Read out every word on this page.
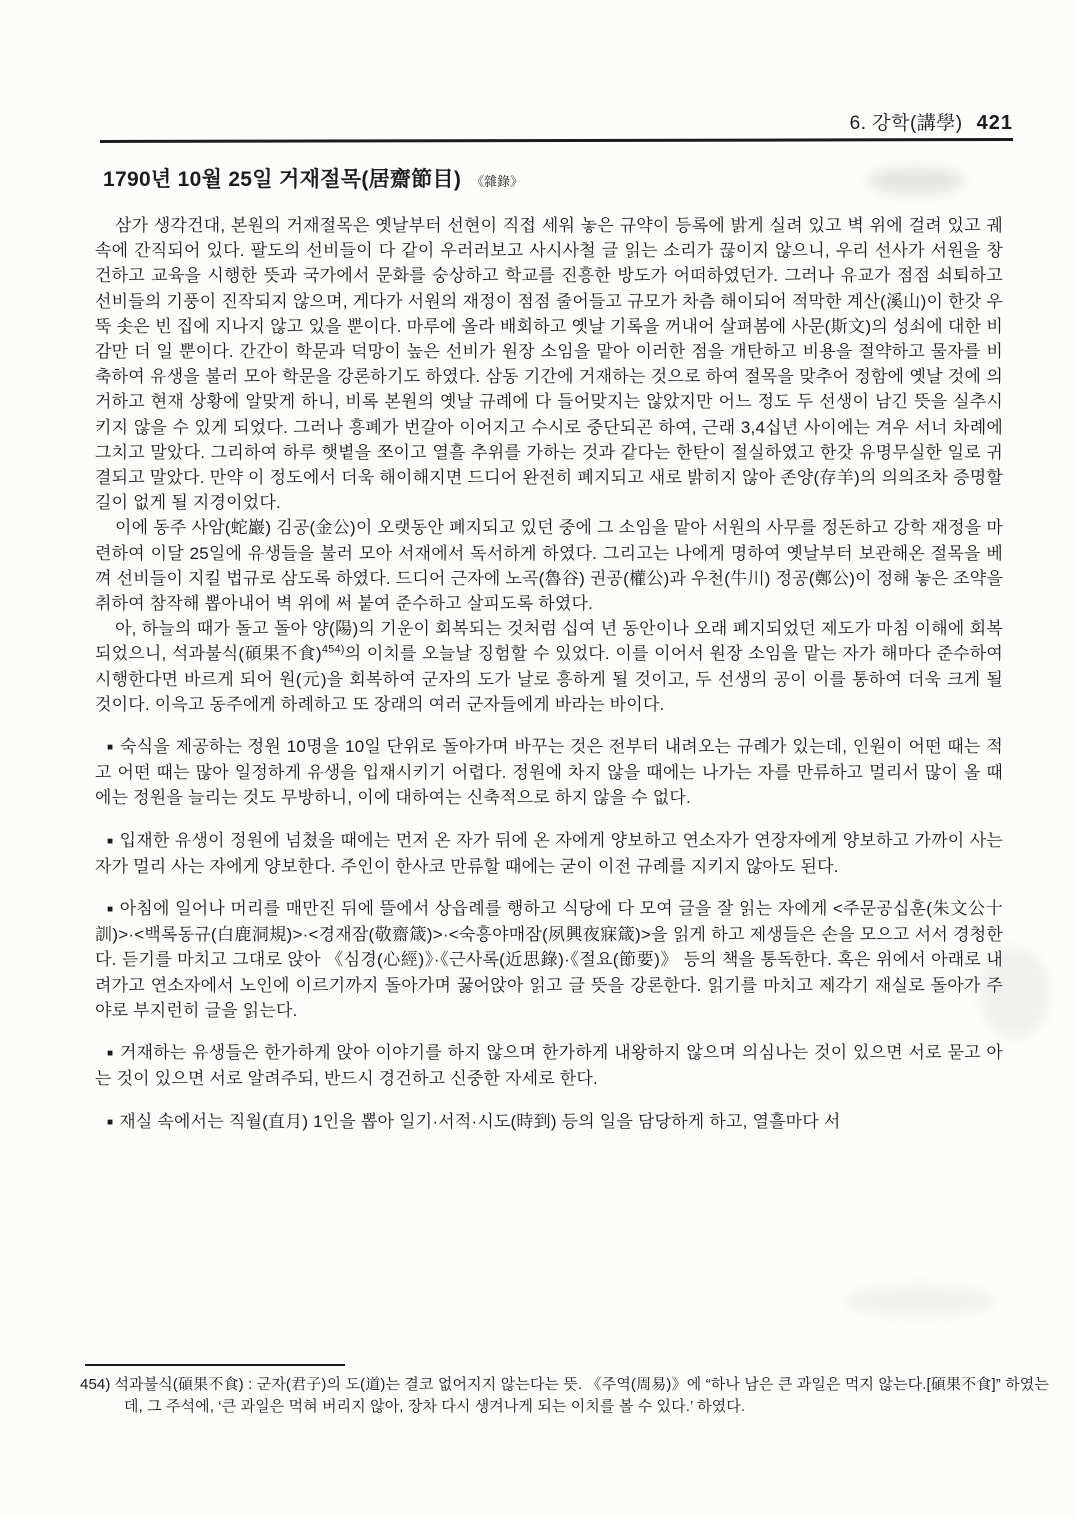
6. 강학(講學) 421
1790년 10월 25일 거재절목(居齋節目) 《雜錄》

삼가 생각건대, 본원의 거재절목은 옛날부터 선현이 직접 세워 놓은 규약이 등록에 밝게 실려 있고 벽 위에 걸려 있고 궤 속에 간직되어 있다. 팔도의 선비들이 다 같이 우러러보고 사시사철 글 읽는 소리가 끊이지 않으니, 우리 선사가 서원을 창건하고 교육을 시행한 뜻과 국가에서 문화를 숭상하고 학교를 진흥한 방도가 어떠하였던가. 그러나 유교가 점점 쇠퇴하고 선비들의 기풍이 진작되지 않으며, 게다가 서원의 재정이 점점 줄어들고 규모가 차츰 해이되어 적막한 계산(溪山)이 한갓 우뚝 솟은 빈 집에 지나지 않고 있을 뿐이다. 마루에 올라 배회하고 옛날 기록을 꺼내어 살펴봄에 사문(斯文)의 성쇠에 대한 비감만 더 일 뿐이다. 간간이 학문과 덕망이 높은 선비가 원장 소임을 맡아 이러한 점을 개탄하고 비용을 절약하고 물자를 비축하여 유생을 불러 모아 학문을 강론하기도 하였다. 삼동 기간에 거재하는 것으로 하여 절목을 맞추어 정함에 옛날 것에 의거하고 현재 상황에 알맞게 하니, 비록 본원의 옛날 규례에 다 들어맞지는 않았지만 어느 정도 두 선생이 남긴 뜻을 실추시키지 않을 수 있게 되었다. 그러나 흥폐가 번갈아 이어지고 수시로 중단되곤 하여, 근래 3,4십년 사이에는 겨우 서너 차례에 그치고 말았다. 그리하여 하루 햇볕을 쪼이고 열흘 추위를 가하는 것과 같다는 한탄이 절실하였고 한갓 유명무실한 일로 귀결되고 말았다. 만약 이 정도에서 더욱 해이해지면 드디어 완전히 폐지되고 새로 밝히지 않아 존양(存羊)의 의의조차 증명할 길이 없게 될 지경이었다.

이에 동주 사암(蛇巖) 김공(金公)이 오랫동안 폐지되고 있던 중에 그 소임을 맡아 서원의 사무를 정돈하고 강학 재정을 마련하여 이달 25일에 유생들을 불러 모아 서재에서 독서하게 하였다. 그리고는 나에게 명하여 옛날부터 보관해온 절목을 베껴 선비들이 지킬 법규로 삼도록 하였다. 드디어 근자에 노곡(魯谷) 권공(權公)과 우천(牛川) 정공(鄭公)이 정해 놓은 조약을 취하여 참작해 뽑아내어 벽 위에 써 붙여 준수하고 살피도록 하였다.

아, 하늘의 때가 돌고 돌아 양(陽)의 기운이 회복되는 것처럼 십여 년 동안이나 오래 폐지되었던 제도가 마침 이해에 회복되었으니, 석과불식(碩果不食)$^{454)}$의 이치를 오늘날 징험할 수 있었다. 이를 이어서 원장 소임을 맡는 자가 해마다 준수하여 시행한다면 바르게 되어 원(元)을 회복하여 군자의 도가 날로 흥하게 될 것이고, 두 선생의 공이 이를 통하여 더욱 크게 될 것이다. 이윽고 동주에게 하례하고 또 장래의 여러 군자들에게 바라는 바이다.

■ 숙식을 제공하는 정원 10명을 10일 단위로 돌아가며 바꾸는 것은 전부터 내려오는 규례가 있는데, 인원이 어떤 때는 적고 어떤 때는 많아 일정하게 유생을 입재시키기 어렵다. 정원에 차지 않을 때에는 나가는 자를 만류하고 멀리서 많이 올 때에는 정원을 늘리는 것도 무방하니, 이에 대하여는 신축적으로 하지 않을 수 없다.

■ 입재한 유생이 정원에 넘쳤을 때에는 먼저 온 자가 뒤에 온 자에게 양보하고 연소자가 연장자에게 양보하고 가까이 사는 자가 멀리 사는 자에게 양보한다. 주인이 한사코 만류할 때에는 굳이 이전 규례를 지키지 않아도 된다.

■ 아침에 일어나 머리를 매만진 뒤에 뜰에서 상읍례를 행하고 식당에 다 모여 글을 잘 읽는 자에게 <주문공십훈(朱文公十訓)>·<백록동규(白鹿洞規)>·<경재잠(敬齋箴)>·<숙흥야매잠(夙興夜寐箴)>을 읽게 하고 제생들은 손을 모으고 서서 경청한다. 듣기를 마치고 그대로 앉아 《심경(心經)》·《근사록(近思錄)·《절요(節要)》 등의 책을 통독한다. 혹은 위에서 아래로 내려가고 연소자에서 노인에 이르기까지 돌아가며 꿇어앉아 읽고 글 뜻을 강론한다. 읽기를 마치고 제각기 재실로 돌아가 주야로 부지런히 글을 읽는다.

■ 거재하는 유생들은 한가하게 앉아 이야기를 하지 않으며 한가하게 내왕하지 않으며 의심나는 것이 있으면 서로 묻고 아는 것이 있으면 서로 알려주되, 반드시 경건하고 신중한 자세로 한다.

■ 재실 속에서는 직월(直月) 1인을 뽑아 일기·서적·시도(時到) 등의 일을 담당하게 하고, 열흘마다 서

454) 석과불식(碩果不食) : 군자(君子)의 도(道)는 결코 없어지지 않는다는 뜻. 《주역(周易)》에 “하나 남은 큰 과일은 먹지 않는다.[碩果不食]” 하였는데, 그 주석에, ‘큰 과일은 먹혀 버리지 않아, 장차 다시 생겨나게 되는 이치를 볼 수 있다.’ 하였다.
